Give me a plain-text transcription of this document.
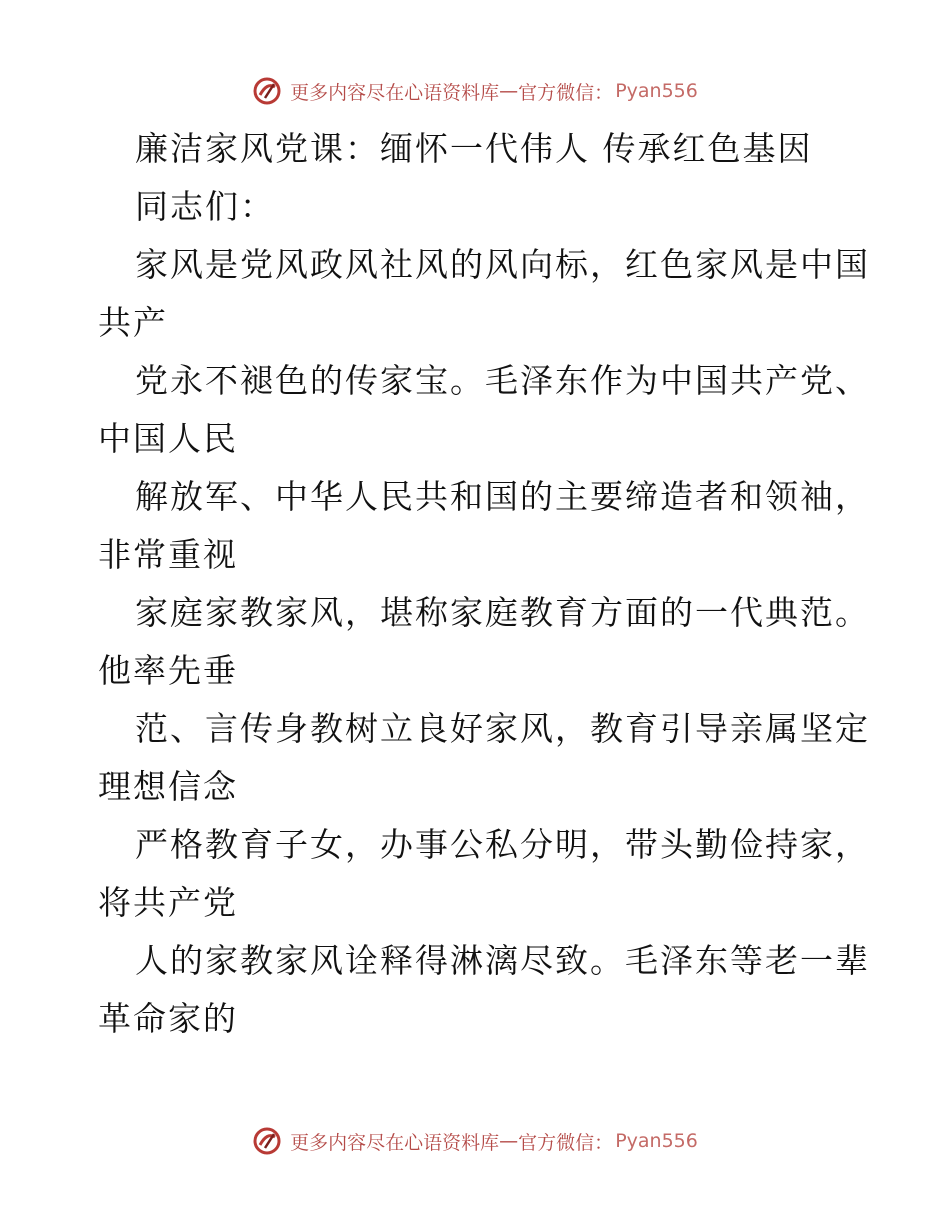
更多内容尽在心语资料库 — 官方微信： Pyan556
廉洁家风党课：缅怀一代伟人 传承红色基因
同志们：
家风是党风政风社风的风向标，红色家风是中国
共产
党永不褪色的传家宝。毛泽东作为中国共产党、
中国人民
解放军、中华人民共和国的主要缔造者和领袖，
非常重视
家庭家教家风，堪称家庭教育方面的一代典范。
他率先垂
范、言传身教树立良好家风，教育引导亲属坚定
理想信念
严格教育子女，办事公私分明，带头勤俭持家，
将共产党
人的家教家风诠释得淋漓尽致。毛泽东等老一辈
革命家的
更多内容尽在心语资料库 — 官方微信： Pyan556
